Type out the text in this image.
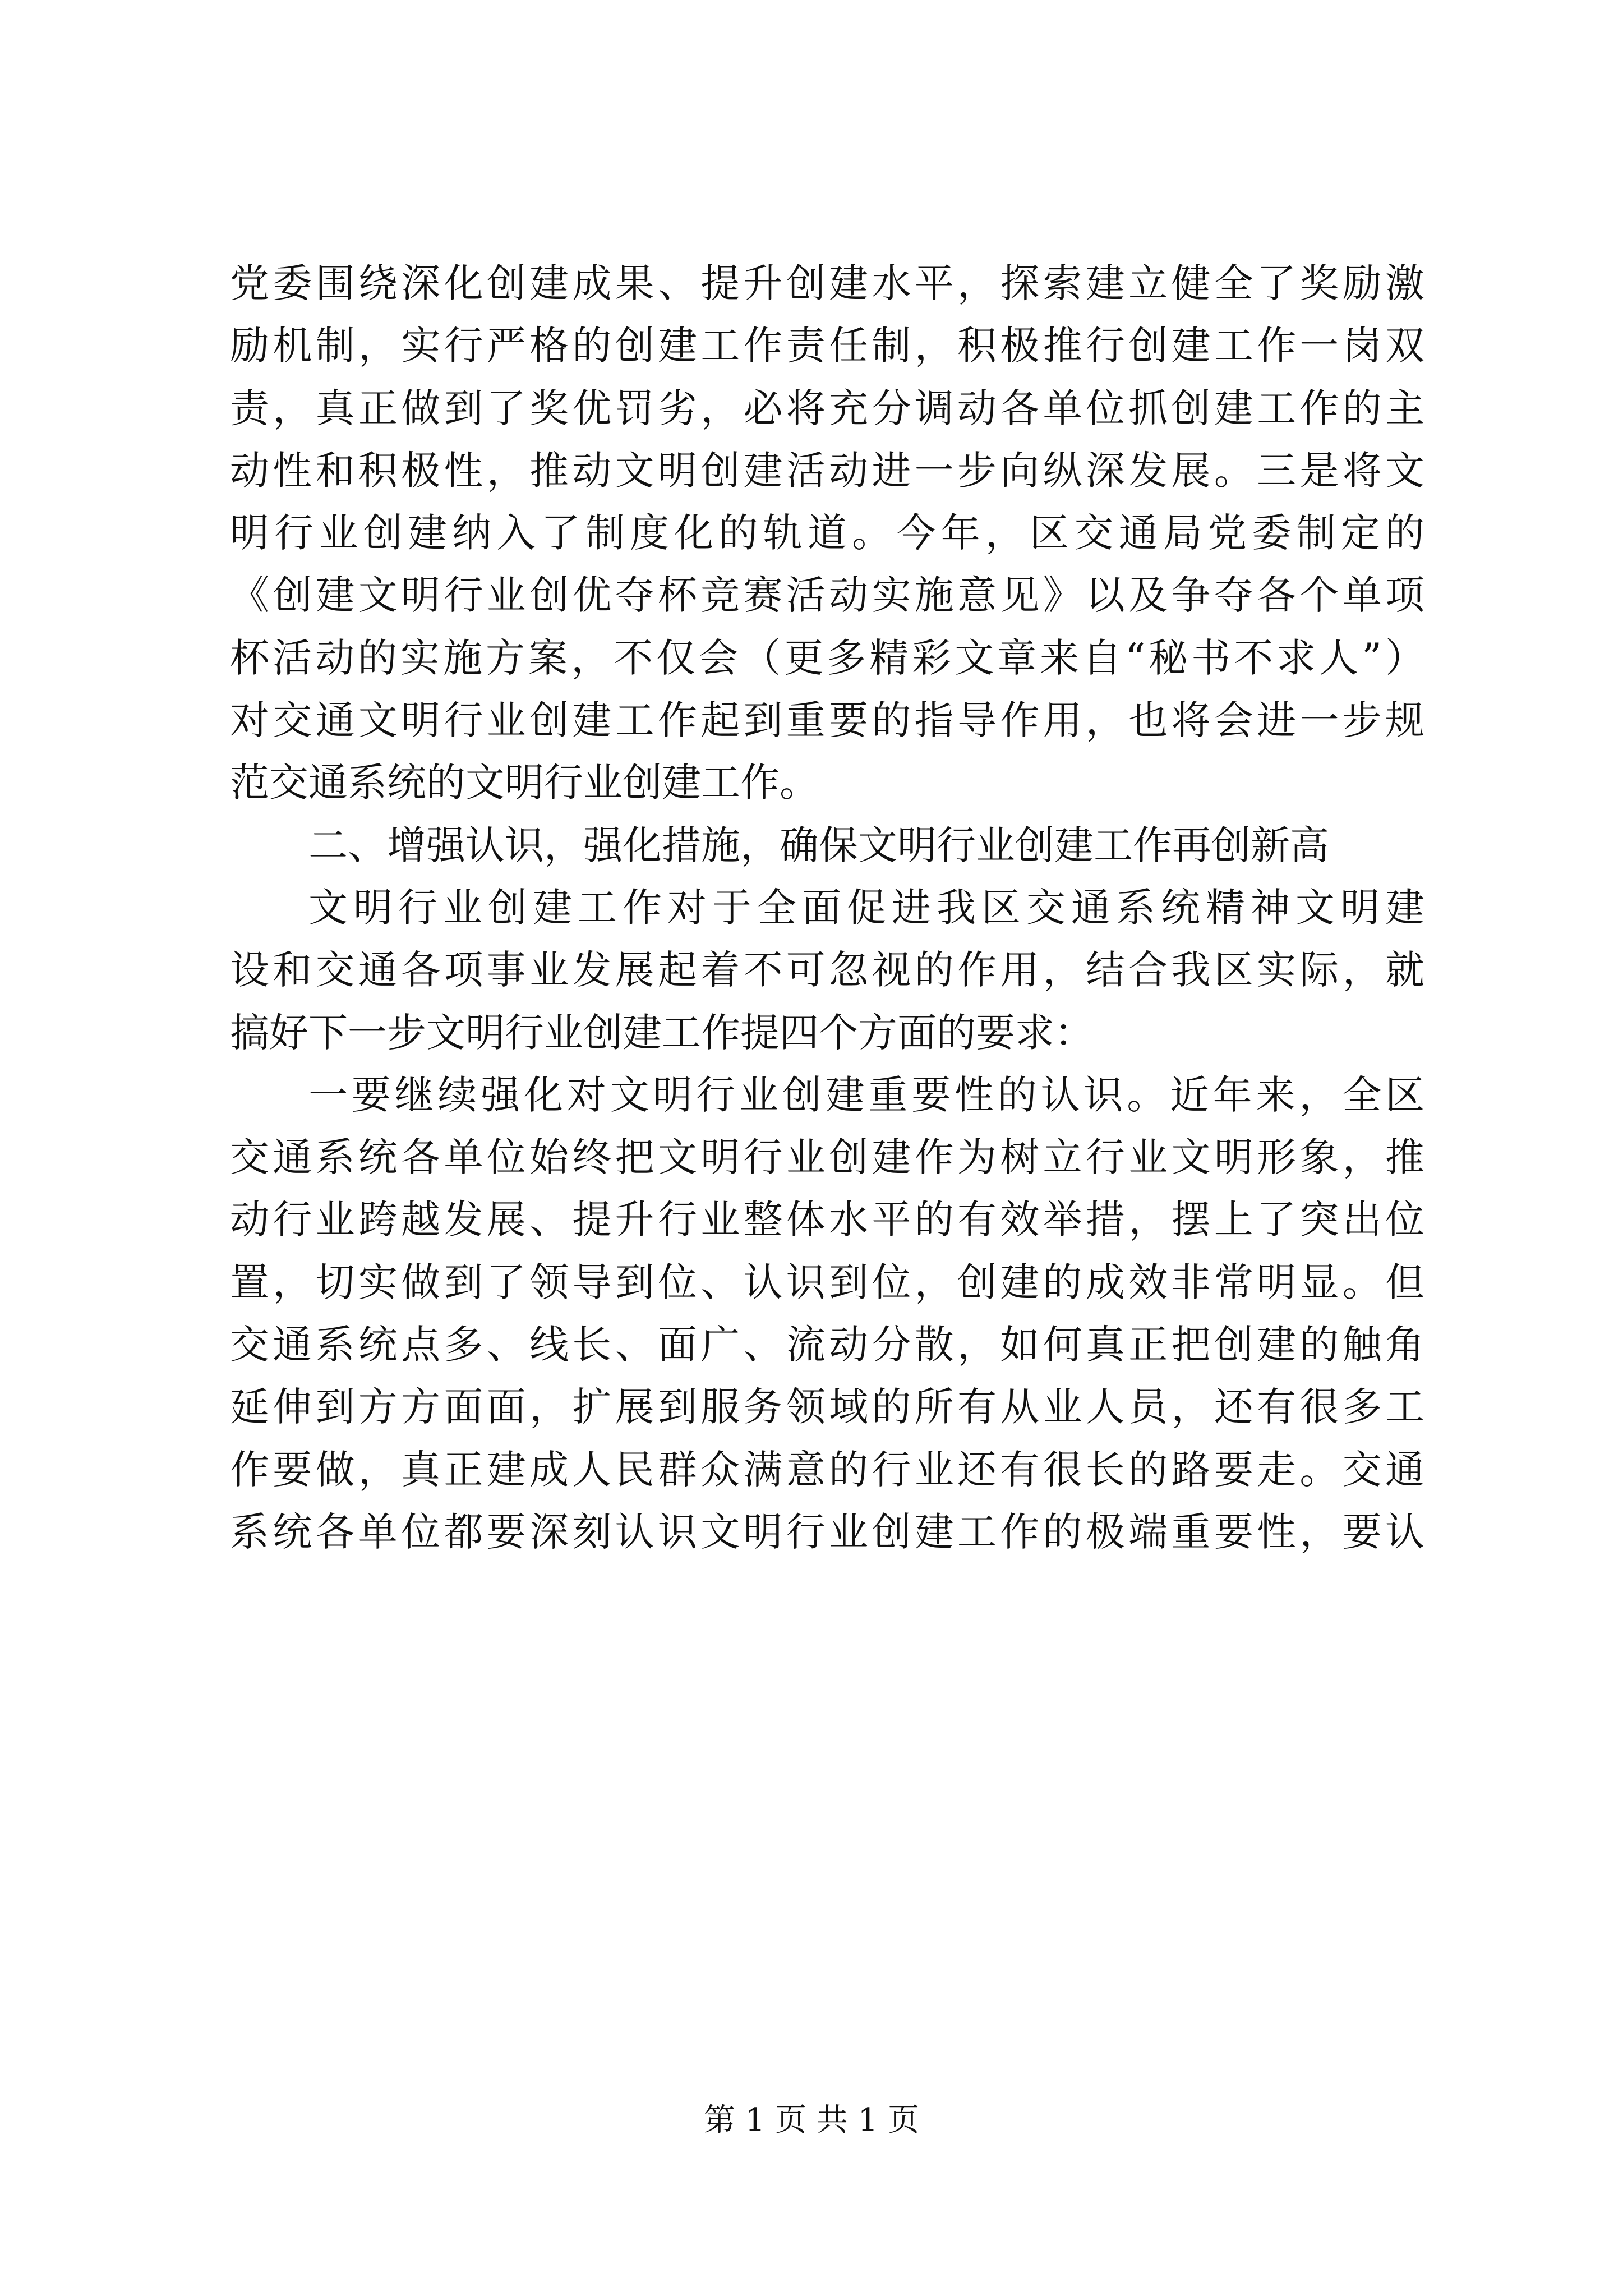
党委围绕深化创建成果、提升创建水平，探索建立健全了奖励激
励机制，实行严格的创建工作责任制，积极推行创建工作一岗双
责，真正做到了奖优罚劣，必将充分调动各单位抓创建工作的主
动性和积极性，推动文明创建活动进一步向纵深发展。三是将文
明行业创建纳入了制度化的轨道。今年，区交通局党委制定的
《创建文明行业创优夺杯竞赛活动实施意见》以及争夺各个单项
杯活动的实施方案，不仅会（更多精彩文章来自“秘书不求人”）
对交通文明行业创建工作起到重要的指导作用，也将会进一步规
范交通系统的文明行业创建工作。
二、增强认识，强化措施，确保文明行业创建工作再创新高
文明行业创建工作对于全面促进我区交通系统精神文明建
设和交通各项事业发展起着不可忽视的作用，结合我区实际，就
搞好下一步文明行业创建工作提四个方面的要求：
一要继续强化对文明行业创建重要性的认识。近年来，全区
交通系统各单位始终把文明行业创建作为树立行业文明形象，推
动行业跨越发展、提升行业整体水平的有效举措，摆上了突出位
置，切实做到了领导到位、认识到位，创建的成效非常明显。但
交通系统点多、线长、面广、流动分散，如何真正把创建的触角
延伸到方方面面，扩展到服务领域的所有从业人员，还有很多工
作要做，真正建成人民群众满意的行业还有很长的路要走。交通
系统各单位都要深刻认识文明行业创建工作的极端重要性，要认
第 1 页 共 1 页
